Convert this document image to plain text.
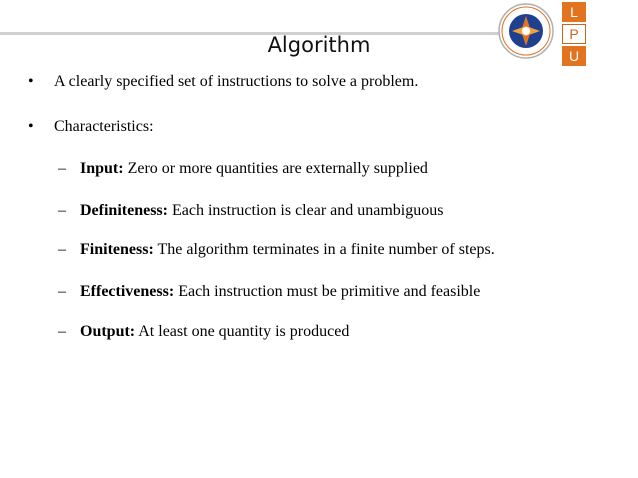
L
P
U
Algorithm
• A clearly specified set of instructions to solve a problem.
• Characteristics:
– Input: Zero or more quantities are externally supplied
– Definiteness: Each instruction is clear and unambiguous
– Finiteness: The algorithm terminates in a finite number of steps.
– Effectiveness: Each instruction must be primitive and feasible
– Output: At least one quantity is produced
